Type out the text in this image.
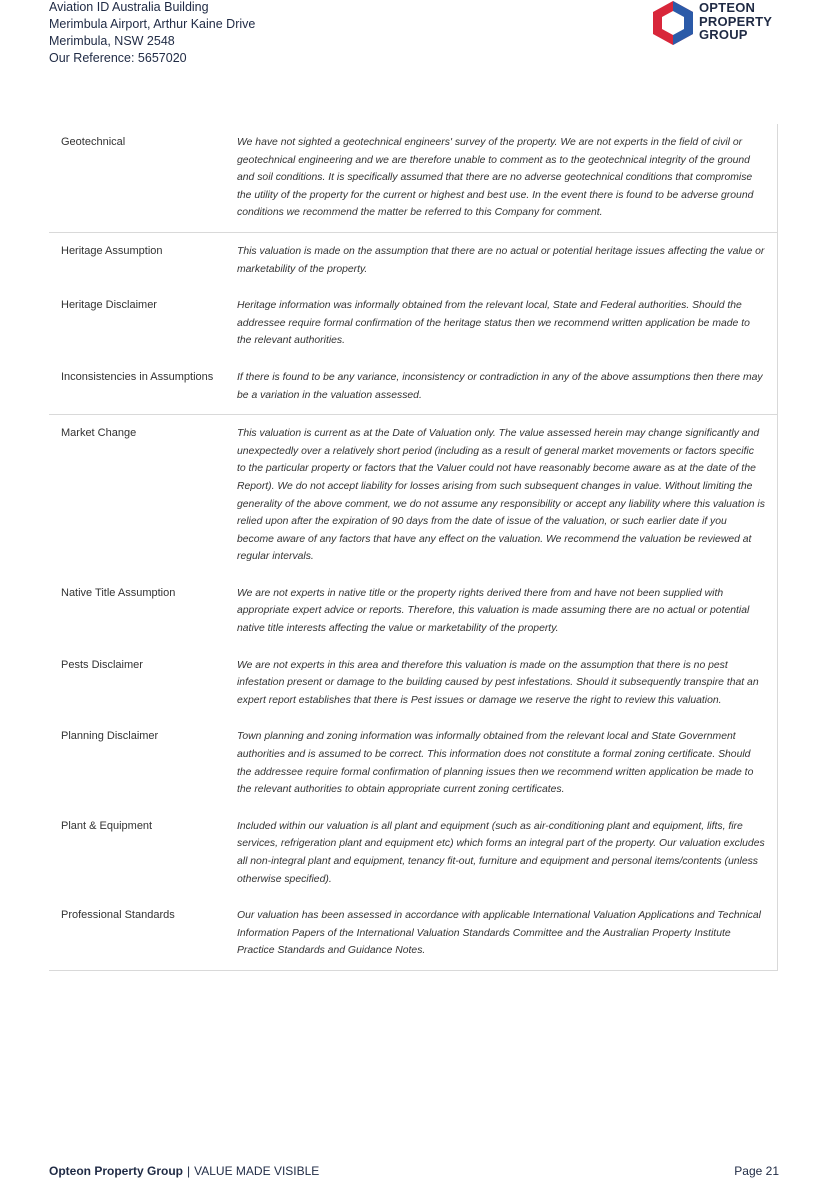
Aviation ID Australia Building
Merimbula Airport, Arthur Kaine Drive
Merimbula, NSW 2548
Our Reference: 5657020
OPTEON
PROPERTY
GROUP
Geotechnical	We have not sighted a geotechnical engineers' survey of the property. We are not experts in the field of civil or geotechnical engineering and we are therefore unable to comment as to the geotechnical integrity of the ground and soil conditions. It is specifically assumed that there are no adverse geotechnical conditions that compromise the utility of the property for the current or highest and best use. In the event there is found to be adverse ground conditions we recommend the matter be referred to this Company for comment.
Heritage Assumption	This valuation is made on the assumption that there are no actual or potential heritage issues affecting the value or marketability of the property.
Heritage Disclaimer	Heritage information was informally obtained from the relevant local, State and Federal authorities. Should the addressee require formal confirmation of the heritage status then we recommend written application be made to the relevant authorities.
Inconsistencies in Assumptions	If there is found to be any variance, inconsistency or contradiction in any of the above assumptions then there may be a variation in the valuation assessed.
Market Change	This valuation is current as at the Date of Valuation only. The value assessed herein may change significantly and unexpectedly over a relatively short period (including as a result of general market movements or factors specific to the particular property or factors that the Valuer could not have reasonably become aware as at the date of the Report). We do not accept liability for losses arising from such subsequent changes in value. Without limiting the generality of the above comment, we do not assume any responsibility or accept any liability where this valuation is relied upon after the expiration of 90 days from the date of issue of the valuation, or such earlier date if you become aware of any factors that have any effect on the valuation. We recommend the valuation be reviewed at regular intervals.
Native Title Assumption	We are not experts in native title or the property rights derived there from and have not been supplied with appropriate expert advice or reports. Therefore, this valuation is made assuming there are no actual or potential native title interests affecting the value or marketability of the property.
Pests Disclaimer	We are not experts in this area and therefore this valuation is made on the assumption that there is no pest infestation present or damage to the building caused by pest infestations. Should it subsequently transpire that an expert report establishes that there is Pest issues or damage we reserve the right to review this valuation.
Planning Disclaimer	Town planning and zoning information was informally obtained from the relevant local and State Government authorities and is assumed to be correct. This information does not constitute a formal zoning certificate. Should the addressee require formal confirmation of planning issues then we recommend written application be made to the relevant authorities to obtain appropriate current zoning certificates.
Plant & Equipment	Included within our valuation is all plant and equipment (such as air-conditioning plant and equipment, lifts, fire services, refrigeration plant and equipment etc) which forms an integral part of the property. Our valuation excludes all non-integral plant and equipment, tenancy fit-out, furniture and equipment and personal items/contents (unless otherwise specified).
Professional Standards	Our valuation has been assessed in accordance with applicable International Valuation Applications and Technical Information Papers of the International Valuation Standards Committee and the Australian Property Institute Practice Standards and Guidance Notes.
Opteon Property Group | VALUE MADE VISIBLE	Page 21
